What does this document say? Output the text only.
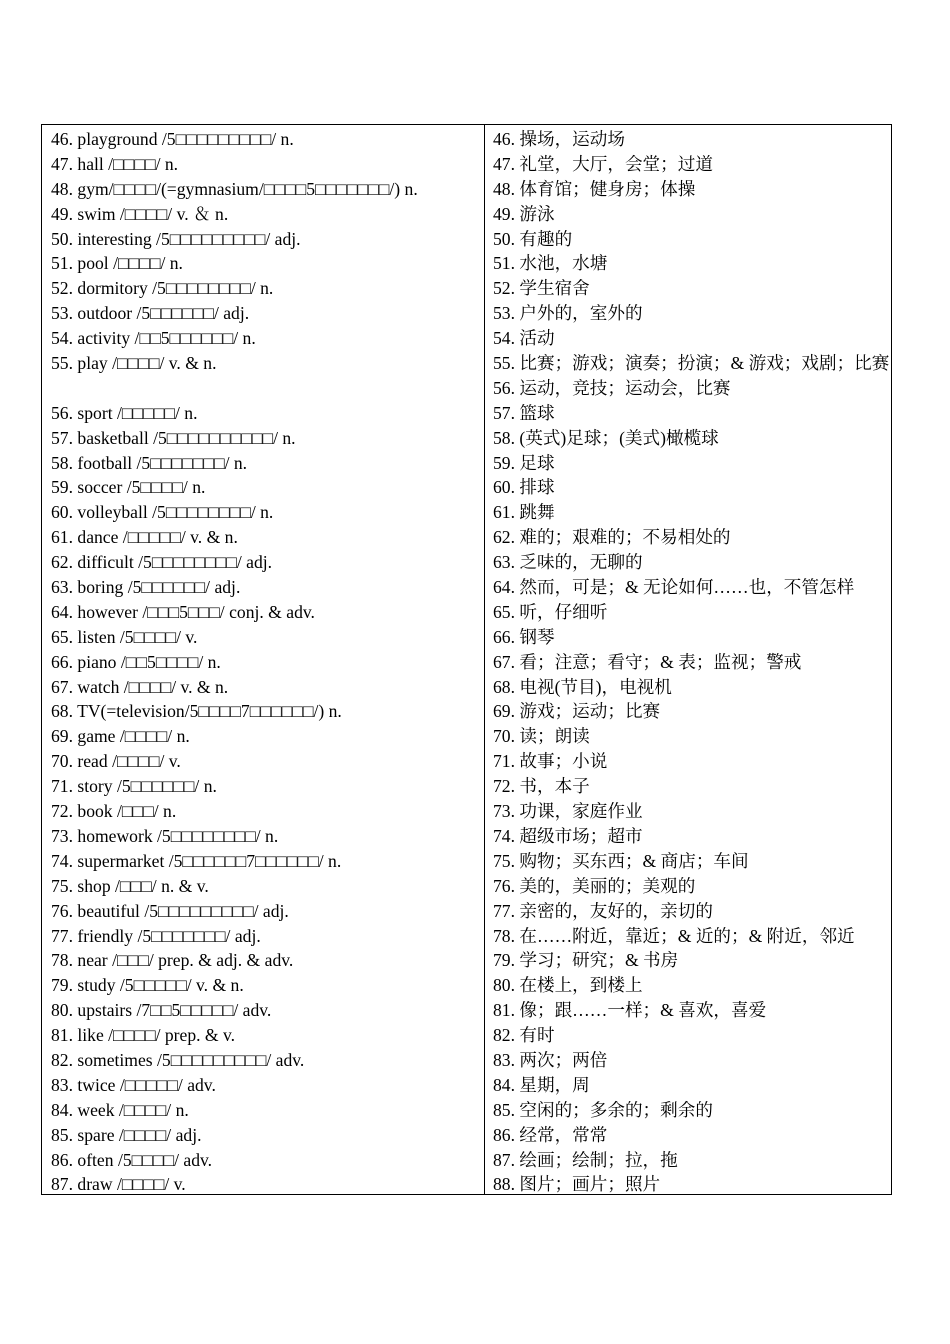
46. playground /5□□□□□□□□□/ n.
47. hall /□□□□/ n.
48. gym/□□□□/(=gymnasium/□□□□5□□□□□□□/) n.
49. swim /□□□□/ v. ＆ n.
50. interesting /5□□□□□□□□□/ adj.
51. pool /□□□□/ n.
52. dormitory /5□□□□□□□□/ n.
53. outdoor /5□□□□□□/ adj.
54. activity /□□5□□□□□□/ n.
55. play /□□□□/ v. & n.
56. sport /□□□□□/ n.
57. basketball /5□□□□□□□□□□/ n.
58. football /5□□□□□□□/ n.
59. soccer /5□□□□/ n.
60. volleyball /5□□□□□□□□/ n.
61. dance /□□□□□/ v. & n.
62. difficult /5□□□□□□□□/ adj.
63. boring /5□□□□□□/ adj.
64. however /□□□5□□□/ conj. & adv.
65. listen /5□□□□/ v.
66. piano /□□5□□□□/ n.
67. watch /□□□□/ v. & n.
68. TV(=television/5□□□□7□□□□□□/) n.
69. game /□□□□/ n.
70. read /□□□□/ v.
71. story /5□□□□□□/ n.
72. book /□□□/ n.
73. homework /5□□□□□□□□/ n.
74. supermarket /5□□□□□□7□□□□□□/ n.
75. shop /□□□/ n. & v.
76. beautiful /5□□□□□□□□□/ adj.
77. friendly /5□□□□□□□/ adj.
78. near /□□□/ prep. & adj. & adv.
79. study /5□□□□□/ v. & n.
80. upstairs /7□□5□□□□□/ adv.
81. like /□□□□/ prep. & v.
82. sometimes /5□□□□□□□□□/ adv.
83. twice /□□□□□/ adv.
84. week /□□□□/ n.
85. spare /□□□□/ adj.
86. often /5□□□□/ adv.
87. draw /□□□□/ v.
46. 操场，运动场
47. 礼堂，大厅，会堂；过道
48. 体育馆；健身房；体操
49. 游泳
50. 有趣的
51. 水池，水塘
52. 学生宿舍
53. 户外的，室外的
54. 活动
55. 比赛；游戏；演奏；扮演；& 游戏；戏剧；比赛
56. 运动，竞技；运动会，比赛
57. 篮球
58. (英式)足球；(美式)橄榄球
59. 足球
60. 排球
61. 跳舞
62. 难的；艰难的；不易相处的
63. 乏味的，无聊的
64. 然而，可是；& 无论如何……也，不管怎样
65. 听，仔细听
66. 钢琴
67. 看；注意；看守；& 表；监视；警戒
68. 电视(节目)，电视机
69. 游戏；运动；比赛
70. 读；朗读
71. 故事；小说
72. 书，本子
73. 功课，家庭作业
74. 超级市场；超市
75. 购物；买东西；& 商店；车间
76. 美的，美丽的；美观的
77. 亲密的，友好的，亲切的
78. 在……附近，靠近；& 近的；& 附近，邻近
79. 学习；研究；& 书房
80. 在楼上，到楼上
81. 像；跟……一样；& 喜欢，喜爱
82. 有时
83. 两次；两倍
84. 星期，周
85. 空闲的；多余的；剩余的
86. 经常，常常
87. 绘画；绘制；拉，拖
88. 图片；画片；照片
